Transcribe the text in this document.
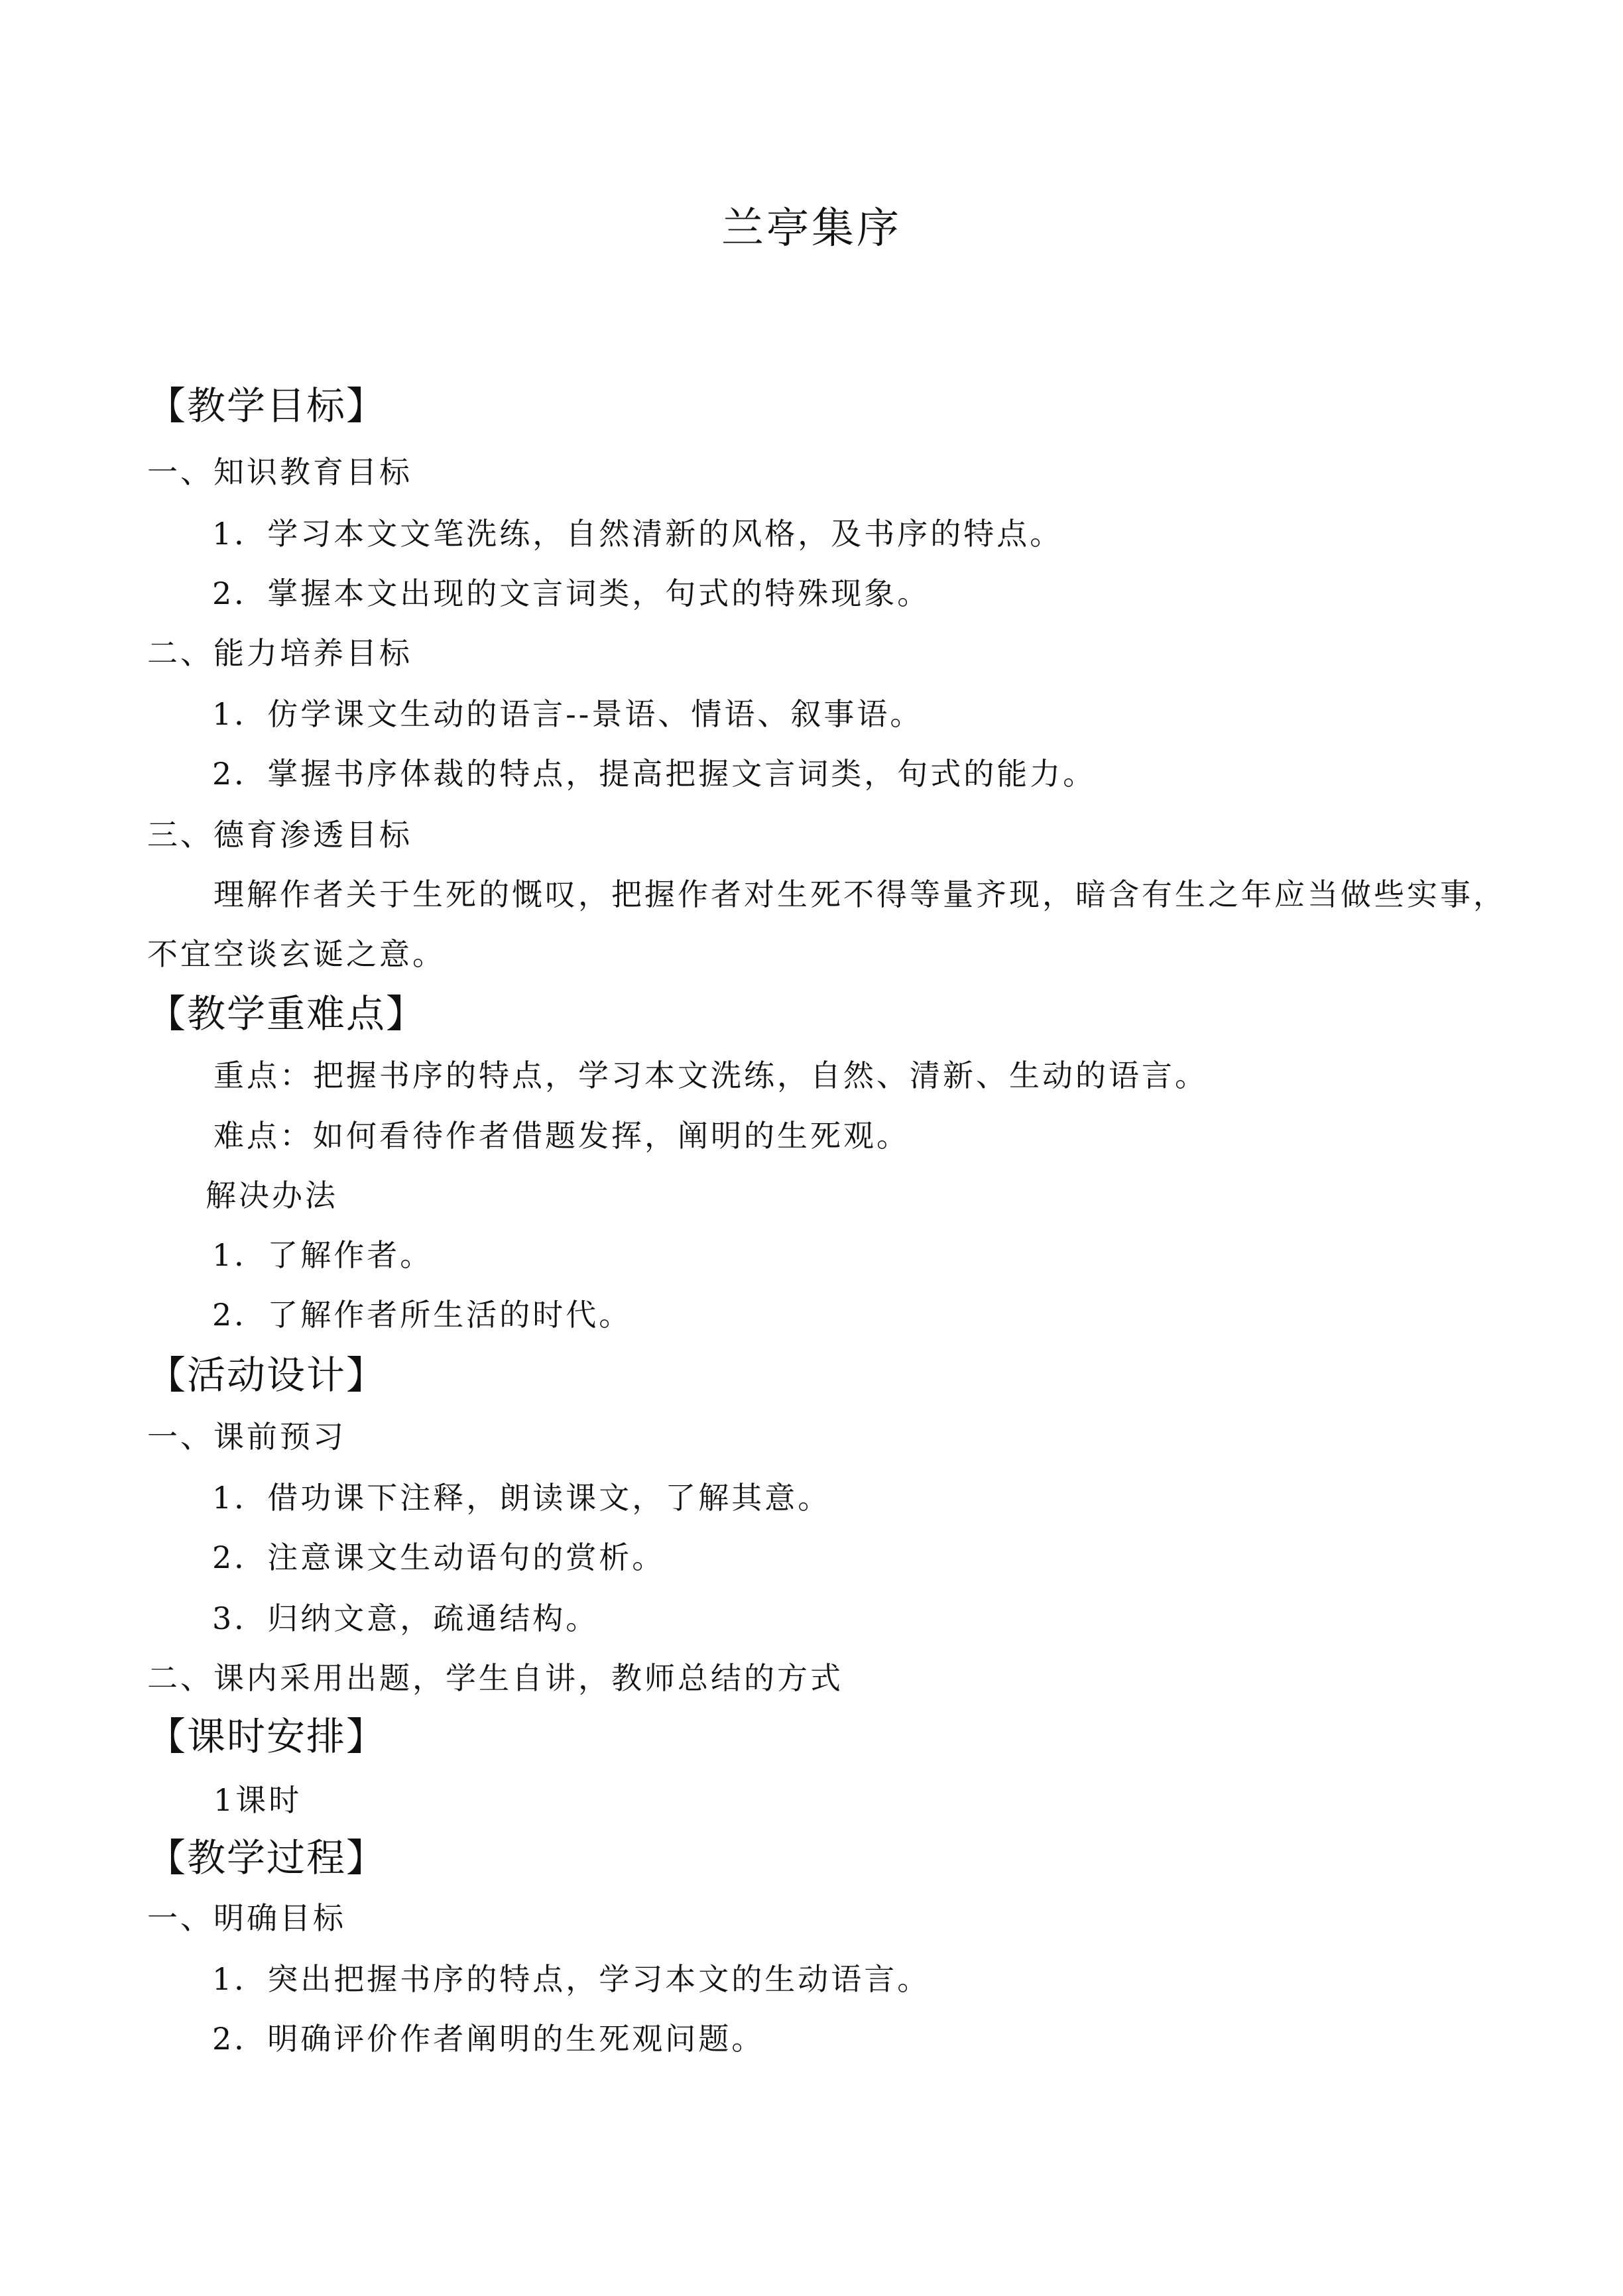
兰亭集序
【教学目标】
一、知识教育目标
1．学习本文文笔洗练，自然清新的风格，及书序的特点。
2．掌握本文出现的文言词类，句式的特殊现象。
二、能力培养目标
1．仿学课文生动的语言--景语、情语、叙事语。
2．掌握书序体裁的特点，提高把握文言词类，句式的能力。
三、德育渗透目标
理解作者关于生死的慨叹，把握作者对生死不得等量齐现，暗含有生之年应当做些实事，
不宜空谈玄诞之意。
【教学重难点】
重点：把握书序的特点，学习本文洗练，自然、清新、生动的语言。
难点：如何看待作者借题发挥，阐明的生死观。
解决办法
1．了解作者。
2．了解作者所生活的时代。
【活动设计】
一、课前预习
1．借功课下注释，朗读课文，了解其意。
2．注意课文生动语句的赏析。
3．归纳文意，疏通结构。
二、课内采用出题，学生自讲，教师总结的方式
【课时安排】
1课时
【教学过程】
一、明确目标
1．突出把握书序的特点，学习本文的生动语言。
2．明确评价作者阐明的生死观问题。
